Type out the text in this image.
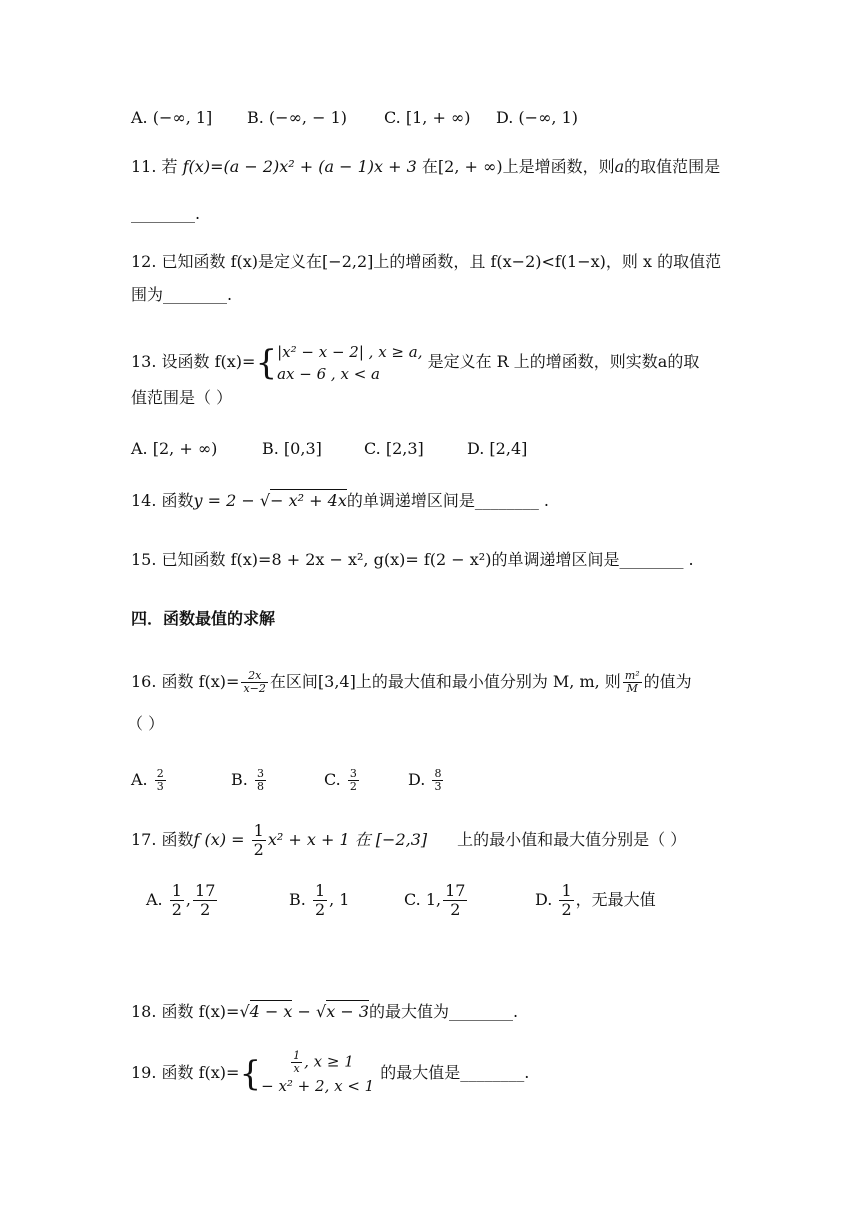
A. (−∞, 1] B. (−∞, − 1) C. [1, + ∞) D. (−∞, 1)
11. 若 f(x)=(a − 2)x² + (a − 1)x + 3 在[2, + ∞)上是增函数，则a的取值范围是
________.
12. 已知函数 f(x)是定义在[−2,2]上的增函数，且 f(x−2)<f(1−x)，则 x 的取值范
围为________.
13. 设函数 f(x)={ |x² − x − 2| , x ≥ a,
ax − 6 , x < a
是定义在 R 上的增函数，则实数a的取
值范围是（ ）
A. [2, + ∞)	B. [0,3]	C. [2,3]	D. [2,4]
14. 函数y = 2 − √− x² + 4x的单调递增区间是________ .
15. 已知函数 f(x)=8 + 2x − x², g(x)= f(2 − x²)的单调递增区间是________ .
四．函数最值的求解
16. 函数 $f(x)= \frac{2x}{x-2}$ 在区间[3,4]上的最大值和最小值分别为 M, m, 则 $\frac{\text{m²}}{M}$ 的值为
（ ）
A. $\frac{2}{3}$	B. $\frac{3}{8}$	C. $\frac{3}{2}$	D. $\frac{8}{3}$
17. 函数f $(x) = \frac{1}{2} x^2 + x + 1$ 在 [−2,3] 上的最小值和最大值分别是（ ）
A. $\frac{1}{2}$ , $\frac{17}{2}$	B. $\frac{1}{2}$ , 1	C. 1, $\frac{17}{2}$	D. $\frac{1}{2}$ ，无最大值
18. 函数 f(x)=√4 − x − √x − 3的最大值为________.
19. 函数 f(x)={	$\frac{1}{x}$ , x ≥ 1
− x² + 2, x < 1
的最大值是________.
